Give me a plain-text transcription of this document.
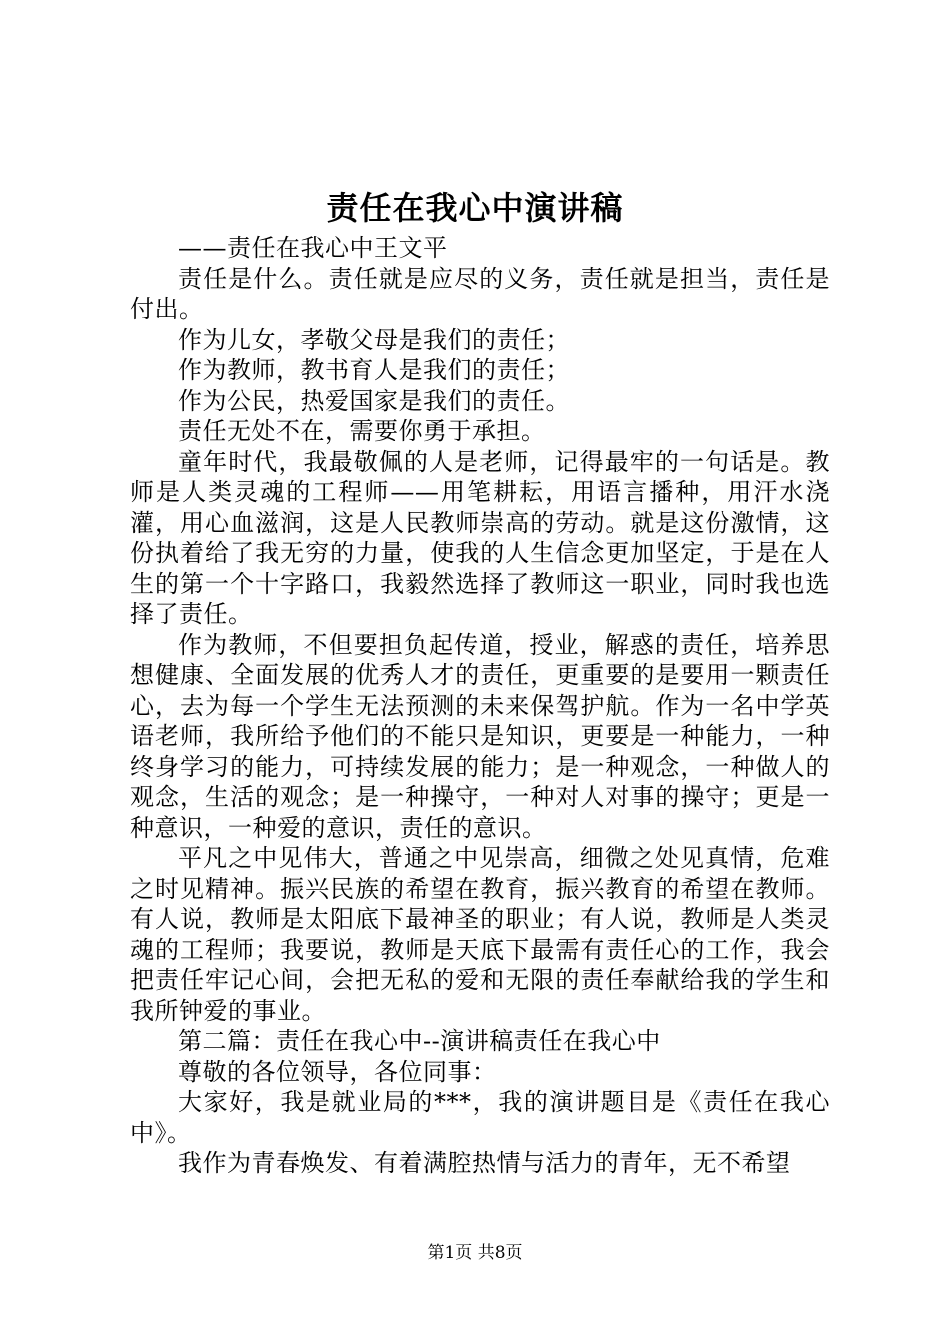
责任在我心中演讲稿

——责任在我心中王文平

责任是什么。责任就是应尽的义务，责任就是担当，责任是付出。

作为儿女，孝敬父母是我们的责任；

作为教师，教书育人是我们的责任；

作为公民，热爱国家是我们的责任。

责任无处不在，需要你勇于承担。

童年时代，我最敬佩的人是老师，记得最牢的一句话是。教师是人类灵魂的工程师——用笔耕耘，用语言播种，用汗水浇灌，用心血滋润，这是人民教师崇高的劳动。就是这份激情，这份执着给了我无穷的力量，使我的人生信念更加坚定，于是在人生的第一个十字路口，我毅然选择了教师这一职业，同时我也选择了责任。

作为教师，不但要担负起传道，授业，解惑的责任，培养思想健康、全面发展的优秀人才的责任，更重要的是要用一颗责任心，去为每一个学生无法预测的未来保驾护航。作为一名中学英语老师，我所给予他们的不能只是知识，更要是一种能力，一种终身学习的能力，可持续发展的能力；是一种观念，一种做人的观念，生活的观念；是一种操守，一种对人对事的操守；更是一种意识，一种爱的意识，责任的意识。

平凡之中见伟大，普通之中见崇高，细微之处见真情，危难之时见精神。振兴民族的希望在教育，振兴教育的希望在教师。有人说，教师是太阳底下最神圣的职业；有人说，教师是人类灵魂的工程师；我要说，教师是天底下最需有责任心的工作，我会把责任牢记心间，会把无私的爱和无限的责任奉献给我的学生和我所钟爱的事业。

第二篇：责任在我心中--演讲稿责任在我心中

尊敬的各位领导，各位同事：

大家好，我是就业局的***，我的演讲题目是《责任在我心中》。

我作为青春焕发、有着满腔热情与活力的青年，无不希望

第1页 共8页
